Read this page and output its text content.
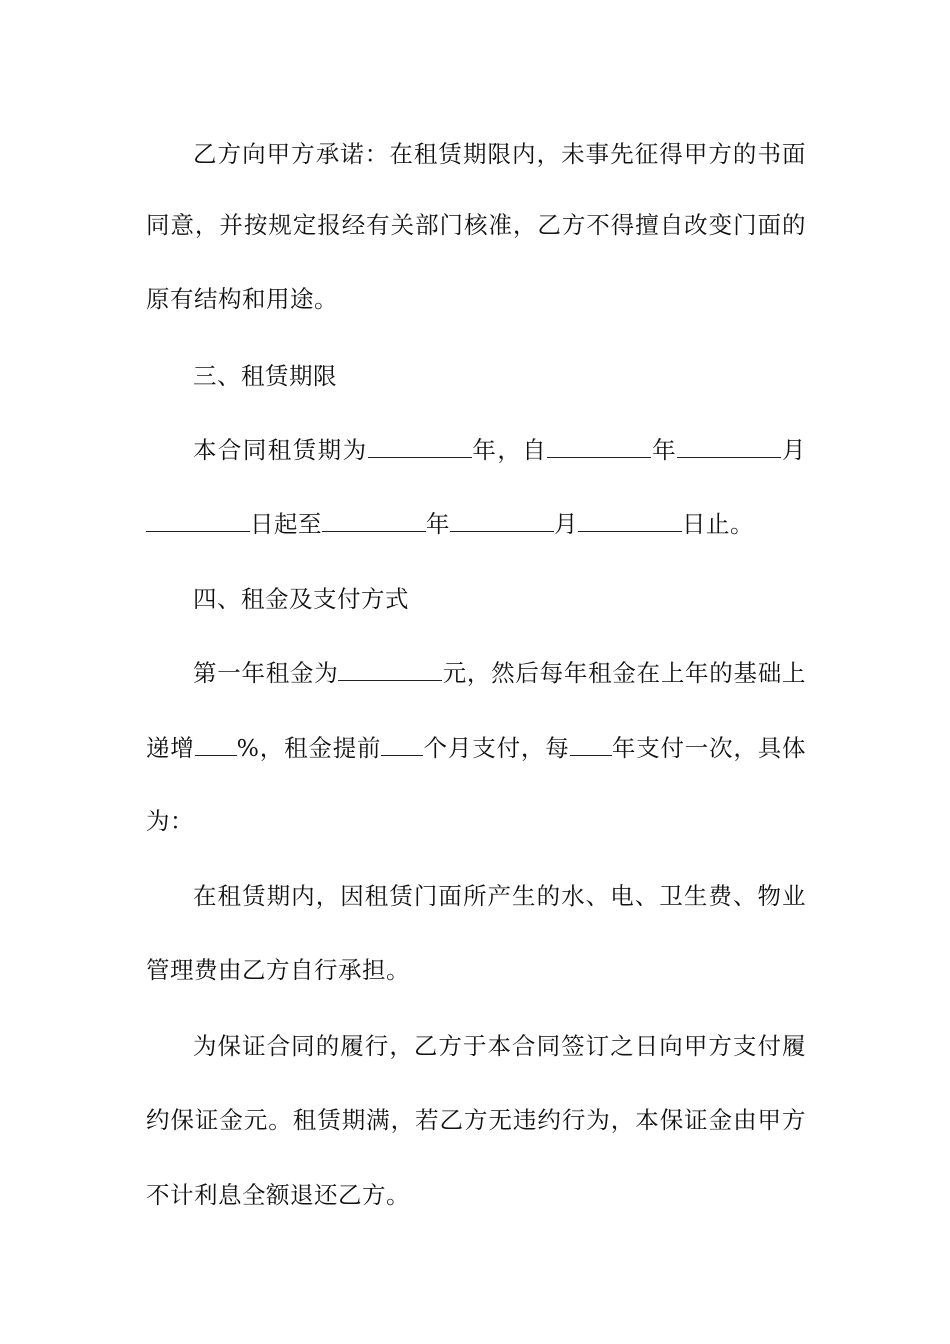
乙方向甲方承诺：在租赁期限内，未事先征得甲方的书面
同意，并按规定报经有关部门核准，乙方不得擅自改变门面的
原有结构和用途。
三、租赁期限
本合同租赁期为	年，自	年	月
日起至	年	月	日止。
四、租金及支付方式
第一年租金为	元，然后每年租金在上年的基础上
递增 %，租金提前 个月支付，每 年支付一次，具体
为：
在租赁期内，因租赁门面所产生的水、电、卫生费、物业
管理费由乙方自行承担。
为保证合同的履行，乙方于本合同签订之日向甲方支付履
约保证金元。租赁期满，若乙方无违约行为，本保证金由甲方
不计利息全额退还乙方。
